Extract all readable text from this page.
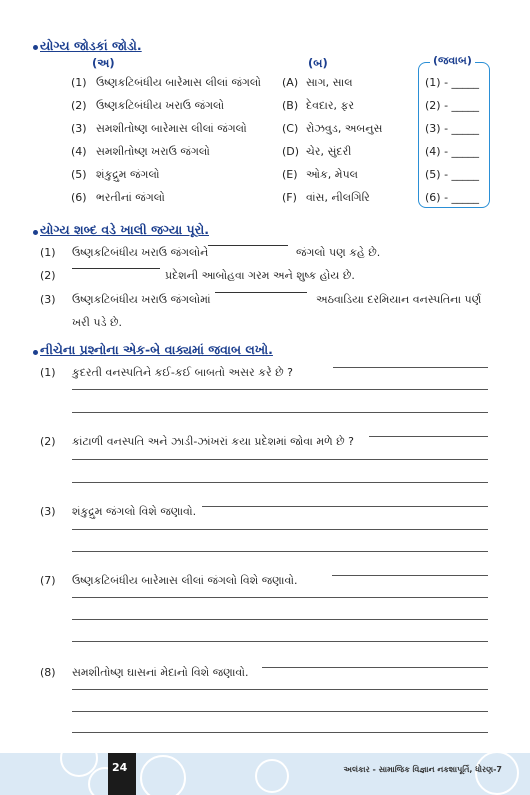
યોગ્ય જોડકાં જોડો.
(અ)	(બ)	(જવાબ)
(1) ઉષ્ણકટિબંધીય બારેમાસ લીલાં જંગલો (A) સાગ, સાલ	(1) - _____
(2) ઉષ્ણકટિબંધીય ખરાઉ જંગલો	(B) દેવદાર, ફર	(2) - _____
(3) સમશીતોષ્ણ બારેમાસ લીલાં જંગલો	(C) રોઝવુડ, અબનુસ	(3) - _____
(4) સમશીતોષ્ણ ખરાઉ જંગલો	(D) ચેર, સુંદરી	(4) - _____
(5) શંકુદ્રુમ જંગલો	(E) ઓક, મેપલ	(5) - _____
(6) ભરતીનાં જંગલો	(F) વાંસ, નીલગિરિ	(6) - _____
યોગ્ય શબ્દ વડે ખાલી જગ્યા પૂરો.
(1) ઉષ્ણકટિબંધીય ખરાઉ જંગલોને	જંગલો પણ કહે છે.
(2)	પ્રદેશની આબોહવા ગરમ અને શુષ્ક હોય છે.
(3) ઉષ્ણકટિબંધીય ખરાઉ જંગલોમાં	અઠવાડિયા દરમિયાન વનસ્પતિના પર્ણ
ખરી પડે છે.
નીચેના પ્રશ્નોના એક-બે વાક્યમાં જવાબ લખો.
(1) કુદરતી વનસ્પતિને કઈ-કઈ બાબતો અસર કરે છે ?
(2) કાંટાળી વનસ્પતિ અને ઝાડી-ઝાંખરાં કયા પ્રદેશમાં જોવા મળે છે ?
(3) શંકુદ્રુમ જંગલો વિશે જણાવો.
(7) ઉષ્ણકટિબંધીય બારેમાસ લીલાં જંગલો વિશે જણાવો.
(8) સમશીતોષ્ણ ઘાસનાં મેદાનો વિશે જણાવો.
24	અલંકાર - સામાજિક વિજ્ઞાન નકશાપૂર્તિ, ધોરણ-7
